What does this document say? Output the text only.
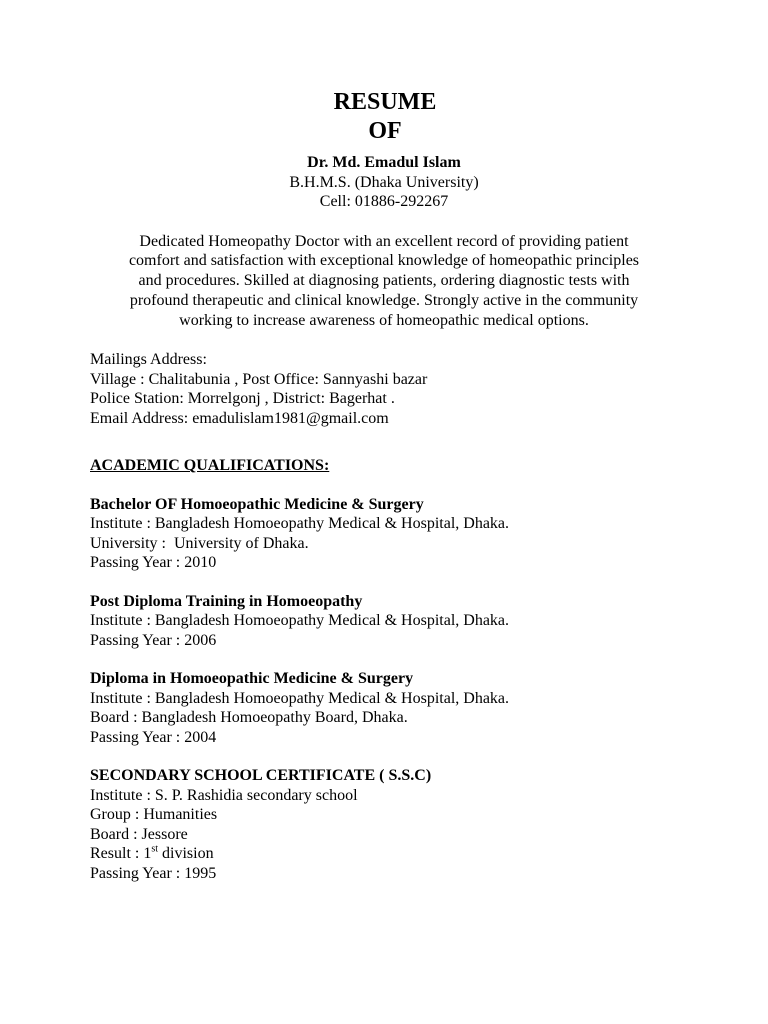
RESUME
OF
Dr. Md. Emadul Islam
B.H.M.S. (Dhaka University)
Cell: 01886-292267
Dedicated Homeopathy Doctor with an excellent record of providing patient
comfort and satisfaction with exceptional knowledge of homeopathic principles
and procedures. Skilled at diagnosing patients, ordering diagnostic tests with
profound therapeutic and clinical knowledge. Strongly active in the community
working to increase awareness of homeopathic medical options.
Mailings Address:
Village : Chalitabunia , Post Office: Sannyashi bazar
Police Station: Morrelgonj , District: Bagerhat .
Email Address: emadulislam1981@gmail.com
ACADEMIC QUALIFICATIONS:
Bachelor OF Homoeopathic Medicine & Surgery
Institute : Bangladesh Homoeopathy Medical & Hospital, Dhaka.
University :  University of Dhaka.
Passing Year : 2010
Post Diploma Training in Homoeopathy
Institute : Bangladesh Homoeopathy Medical & Hospital, Dhaka.
Passing Year : 2006
Diploma in Homoeopathic Medicine & Surgery
Institute : Bangladesh Homoeopathy Medical & Hospital, Dhaka.
Board : Bangladesh Homoeopathy Board, Dhaka.
Passing Year : 2004
SECONDARY SCHOOL CERTIFICATE ( S.S.C)
Institute : S. P. Rashidia secondary school
Group : Humanities
Board : Jessore
Result : 1st division
Passing Year : 1995
